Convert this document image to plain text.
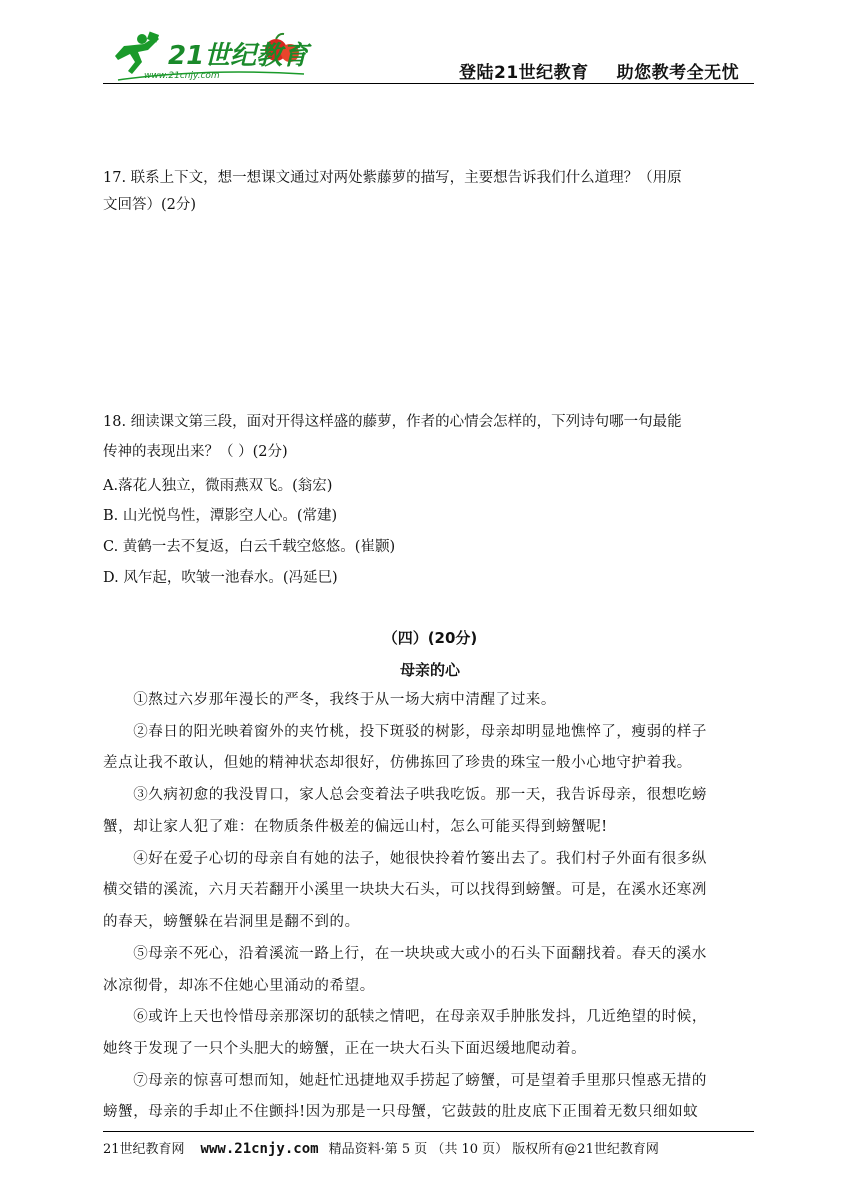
21世纪教育
www.21cnjy.com	登陆21世纪教育 助您教考全无忧
17. 联系上下文，想一想课文通过对两处紫藤萝的描写，主要想告诉我们什么道理？（用原
文回答）(2分)
18. 细读课文第三段，面对开得这样盛的藤萝，作者的心情会怎样的，下列诗句哪一句最能
传神的表现出来？（ ）(2分)
A.落花人独立，微雨燕双飞。(翁宏)
B. 山光悦鸟性，潭影空人心。(常建)
C. 黄鹤一去不复返，白云千载空悠悠。(崔颢)
D. 风乍起，吹皱一池春水。(冯延巳)
（四）(20分)
母亲的心
　　①熬过六岁那年漫长的严冬，我终于从一场大病中清醒了过来。
　　②春日的阳光映着窗外的夹竹桃，投下斑驳的树影，母亲却明显地憔悴了，瘦弱的样子
差点让我不敢认，但她的精神状态却很好，仿佛拣回了珍贵的珠宝一般小心地守护着我。
　　③久病初愈的我没胃口，家人总会变着法子哄我吃饭。那一天，我告诉母亲，很想吃螃
蟹，却让家人犯了难：在物质条件极差的偏远山村，怎么可能买得到螃蟹呢!
　　④好在爱子心切的母亲自有她的法子，她很快拎着竹篓出去了。我们村子外面有很多纵
横交错的溪流，六月天若翻开小溪里一块块大石头，可以找得到螃蟹。可是，在溪水还寒冽
的春天，螃蟹躲在岩洞里是翻不到的。
　　⑤母亲不死心，沿着溪流一路上行，在一块块或大或小的石头下面翻找着。春天的溪水
冰凉彻骨，却冻不住她心里涌动的希望。
　　⑥或许上天也怜惜母亲那深切的舐犊之情吧，在母亲双手肿胀发抖，几近绝望的时候，
她终于发现了一只个头肥大的螃蟹，正在一块大石头下面迟缓地爬动着。
　　⑦母亲的惊喜可想而知，她赶忙迅捷地双手捞起了螃蟹，可是望着手里那只惶惑无措的
螃蟹，母亲的手却止不住颤抖!因为那是一只母蟹，它鼓鼓的肚皮底下正围着无数只细如蚊
21世纪教育网 www.21cnjy.com 精品资料·第 5 页 （共 10 页） 版权所有@21世纪教育网
